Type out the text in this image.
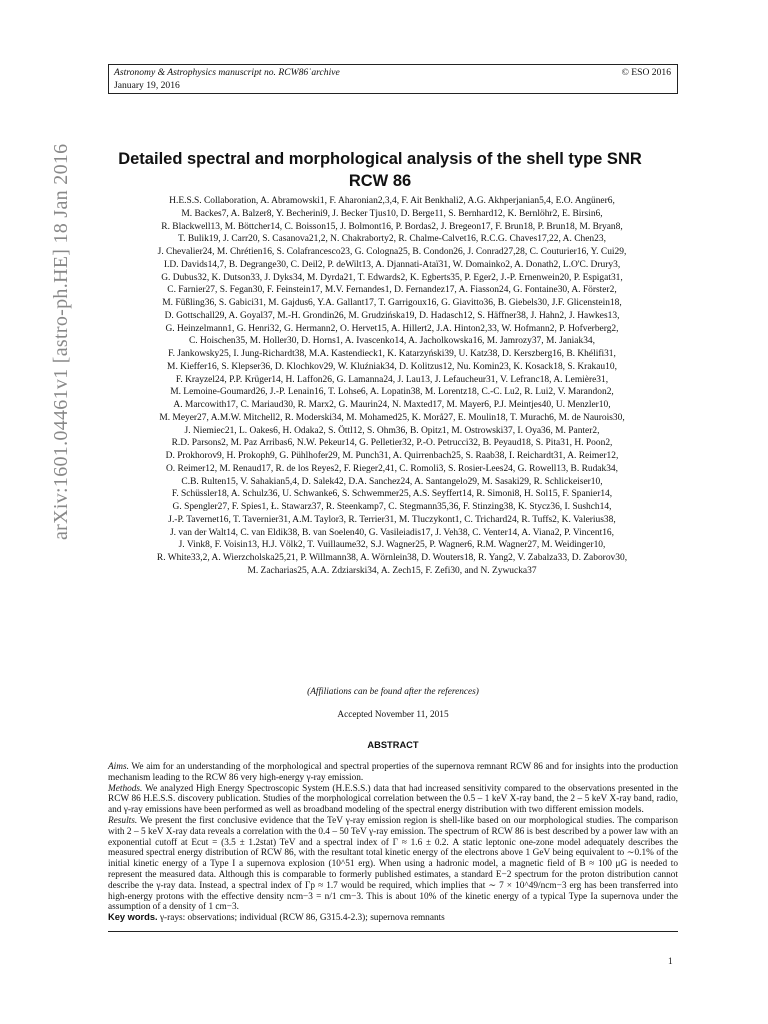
Astronomy & Astrophysics manuscript no. RCW86˙archive
January 19, 2016
© ESO 2016
arXiv:1601.04461v1 [astro-ph.HE] 18 Jan 2016	Detailed spectral and morphological analysis of the shell type SNR
RCW 86
H.E.S.S. Collaboration, A. Abramowski1, F. Aharonian2,3,4, F. Ait Benkhali2, A.G. Akhperjanian5,4, E.O. Angüner6,
M. Backes7, A. Balzer8, Y. Becherini9, J. Becker Tjus10, D. Berge11, S. Bernhard12, K. Bernlöhr2, E. Birsin6,
R. Blackwell13, M. Böttcher14, C. Boisson15, J. Bolmont16, P. Bordas2, J. Bregeon17, F. Brun18, P. Brun18, M. Bryan8,
T. Bulik19, J. Carr20, S. Casanova21,2, N. Chakraborty2, R. Chalme-Calvet16, R.C.G. Chaves17,22, A. Chen23,
J. Chevalier24, M. Chrétien16, S. Colafrancesco23, G. Cologna25, B. Condon26, J. Conrad27,28, C. Couturier16, Y. Cui29,
I.D. Davids14,7, B. Degrange30, C. Deil2, P. deWilt13, A. Djannati-Ataï31, W. Domainko2, A. Donath2, L.O'C. Drury3,
G. Dubus32, K. Dutson33, J. Dyks34, M. Dyrda21, T. Edwards2, K. Egberts35, P. Eger2, J.-P. Ernenwein20, P. Espigat31,
C. Farnier27, S. Fegan30, F. Feinstein17, M.V. Fernandes1, D. Fernandez17, A. Fiasson24, G. Fontaine30, A. Förster2,
M. Füßling36, S. Gabici31, M. Gajdus6, Y.A. Gallant17, T. Garrigoux16, G. Giavitto36, B. Giebels30, J.F. Glicenstein18,
D. Gottschall29, A. Goyal37, M.-H. Grondin26, M. Grudzińska19, D. Hadasch12, S. Häffner38, J. Hahn2, J. Hawkes13,
G. Heinzelmann1, G. Henri32, G. Hermann2, O. Hervet15, A. Hillert2, J.A. Hinton2,33, W. Hofmann2, P. Hofverberg2,
C. Hoischen35, M. Holler30, D. Horns1, A. Ivascenko14, A. Jacholkowska16, M. Jamrozy37, M. Janiak34,
F. Jankowsky25, I. Jung-Richardt38, M.A. Kastendieck1, K. Katarzyński39, U. Katz38, D. Kerszberg16, B. Khélifi31,
M. Kieffer16, S. Klepser36, D. Klochkov29, W. Kluźniak34, D. Kolitzus12, Nu. Komin23, K. Kosack18, S. Krakau10,
F. Krayzel24, P.P. Krüger14, H. Laffon26, G. Lamanna24, J. Lau13, J. Lefaucheur31, V. Lefranc18, A. Lemière31,
M. Lemoine-Goumard26, J.-P. Lenain16, T. Lohse6, A. Lopatin38, M. Lorentz18, C.-C. Lu2, R. Lui2, V. Marandon2,
A. Marcowith17, C. Mariaud30, R. Marx2, G. Maurin24, N. Maxted17, M. Mayer6, P.J. Meintjes40, U. Menzler10,
M. Meyer27, A.M.W. Mitchell2, R. Moderski34, M. Mohamed25, K. Morå27, E. Moulin18, T. Murach6, M. de Naurois30,
J. Niemiec21, L. Oakes6, H. Odaka2, S. Öttl12, S. Ohm36, B. Opitz1, M. Ostrowski37, I. Oya36, M. Panter2,
R.D. Parsons2, M. Paz Arribas6, N.W. Pekeur14, G. Pelletier32, P.-O. Petrucci32, B. Peyaud18, S. Pita31, H. Poon2,
D. Prokhorov9, H. Prokoph9, G. Pühlhofer29, M. Punch31, A. Quirrenbach25, S. Raab38, I. Reichardt31, A. Reimer12,
O. Reimer12, M. Renaud17, R. de los Reyes2, F. Rieger2,41, C. Romoli3, S. Rosier-Lees24, G. Rowell13, B. Rudak34,
C.B. Rulten15, V. Sahakian5,4, D. Salek42, D.A. Sanchez24, A. Santangelo29, M. Sasaki29, R. Schlickeiser10,
F. Schüssler18, A. Schulz36, U. Schwanke6, S. Schwemmer25, A.S. Seyffert14, R. Simoni8, H. Sol15, F. Spanier14,
G. Spengler27, F. Spies1, Ł. Stawarz37, R. Steenkamp7, C. Stegmann35,36, F. Stinzing38, K. Stycz36, I. Sushch14,
J.-P. Tavernet16, T. Tavernier31, A.M. Taylor3, R. Terrier31, M. Tluczykont1, C. Trichard24, R. Tuffs2, K. Valerius38,
J. van der Walt14, C. van Eldik38, B. van Soelen40, G. Vasileiadis17, J. Veh38, C. Venter14, A. Viana2, P. Vincent16,
J. Vink8, F. Voisin13, H.J. Völk2, T. Vuillaume32, S.J. Wagner25, P. Wagner6, R.M. Wagner27, M. Weidinger10,
R. White33,2, A. Wierzcholska25,21, P. Willmann38, A. Wörnlein38, D. Wouters18, R. Yang2, V. Zabalza33, D. Zaborov30,
M. Zacharias25, A.A. Zdziarski34, A. Zech15, F. Zefi30, and N. Zywucka37
(Affiliations can be found after the references)
Accepted November 11, 2015
ABSTRACT

Aims. We aim for an understanding of the morphological and spectral properties of the supernova remnant RCW 86 and for insights into the production mechanism leading to the RCW 86 very high-energy γ-ray emission.

Methods. We analyzed High Energy Spectroscopic System (H.E.S.S.) data that had increased sensitivity compared to the observations presented in the RCW 86 H.E.S.S. discovery publication. Studies of the morphological correlation between the 0.5 – 1 keV X-ray band, the 2 – 5 keV X-ray band, radio, and γ-ray emissions have been performed as well as broadband modeling of the spectral energy distribution with two different emission models.

Results. We present the first conclusive evidence that the TeV γ-ray emission region is shell-like based on our morphological studies. The comparison with 2 – 5 keV X-ray data reveals a correlation with the 0.4 – 50 TeV γ-ray emission. The spectrum of RCW 86 is best described by a power law with an exponential cutoff at Ecut = (3.5 ± 1.2stat) TeV and a spectral index of Γ ≈ 1.6 ± 0.2. A static leptonic one-zone model adequately describes the measured spectral energy distribution of RCW 86, with the resultant total kinetic energy of the electrons above 1 GeV being equivalent to ∼0.1% of the initial kinetic energy of a Type I a supernova explosion (10^51 erg). When using a hadronic model, a magnetic field of B ≈ 100 μG is needed to represent the measured data. Although this is comparable to formerly published estimates, a standard E−2 spectrum for the proton distribution cannot describe the γ-ray data. Instead, a spectral index of Γp ≈ 1.7 would be required, which implies that ∼ 7 × 10^49/ncm−3 erg has been transferred into high-energy protons with the effective density ncm−3 = n/1 cm−3. This is about 10% of the kinetic energy of a typical Type Ia supernova under the assumption of a density of 1 cm−3.

Key words. γ-rays: observations; individual (RCW 86, G315.4-2.3); supernova remnants
1
